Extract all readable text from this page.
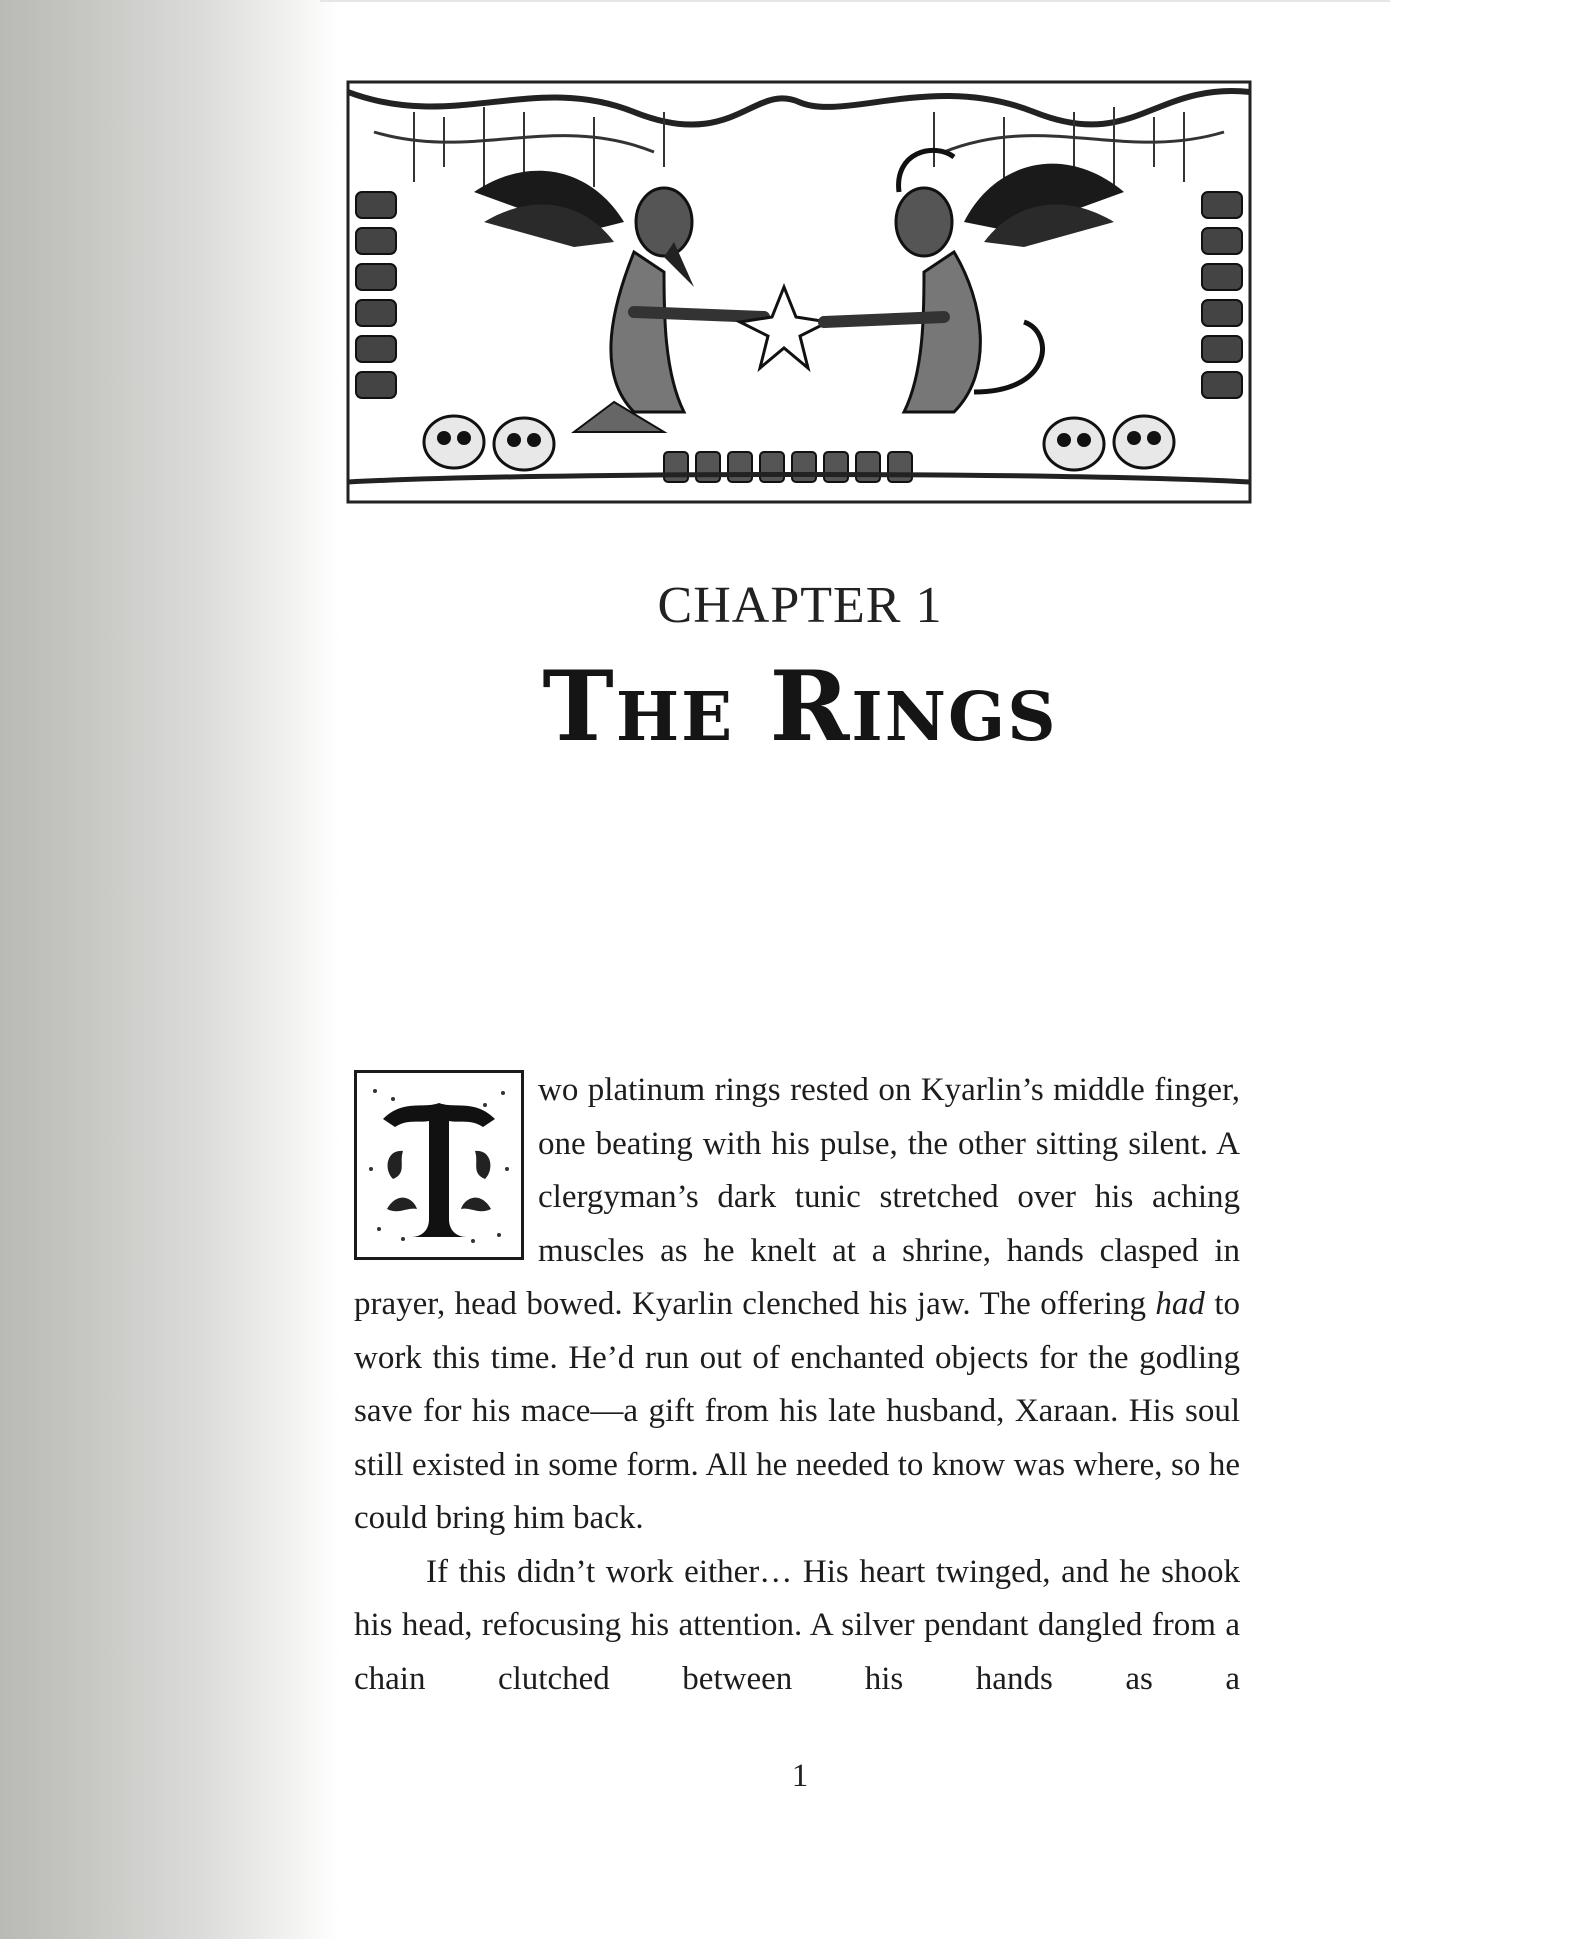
CHAPTER 1
The Rings

wo platinum rings rested on Kyarlin’s middle finger, one beating with his pulse, the other sitting silent. A clergyman’s dark tunic stretched over his aching muscles as he knelt at a shrine, hands clasped in prayer, head bowed. Kyarlin clenched his jaw. The offering had to work this time. He’d run out of enchanted objects for the godling save for his mace—a gift from his late husband, Xaraan. His soul still existed in some form. All he needed to know was where, so he could bring him back.

If this didn’t work either… His heart twinged, and he shook his head, refocusing his attention. A silver pendant dangled from a chain clutched between his hands as a

1
